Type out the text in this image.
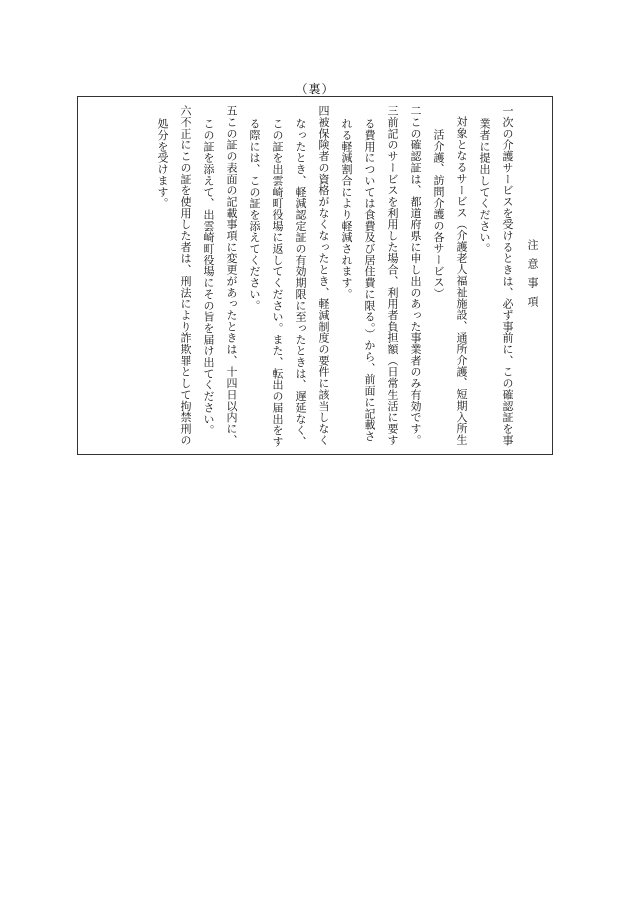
（裏）
注意事項
一次の介護サービスを受けるときは、必ず事前に、この確認証を事業者に提出してください。
対象となるサービス（介護老人福祉施設、通所介護、短期入所生活介護、訪問介護の各サービス）
二この確認証は、都道府県に申し出のあった事業者のみ有効です。
三前記のサービスを利用した場合、利用者負担額（日常生活に要する費用については食費及び居住費に限る。）から、前面に記載される軽減割合により軽減されます。
四被保険者の資格がなくなったとき、軽減制度の要件に該当しなくなったとき、軽減認定証の有効期限に至ったときは、遅延なく、この証を出雲崎町役場に返してください。また、転出の届出をする際には、この証を添えてください。
五この証の表面の記載事項に変更があったときは、十四日以内に、この証を添えて、出雲崎町役場にその旨を届け出てください。
六不正にこの証を使用した者は、刑法により詐欺罪として拘禁刑の処分を受けます。
